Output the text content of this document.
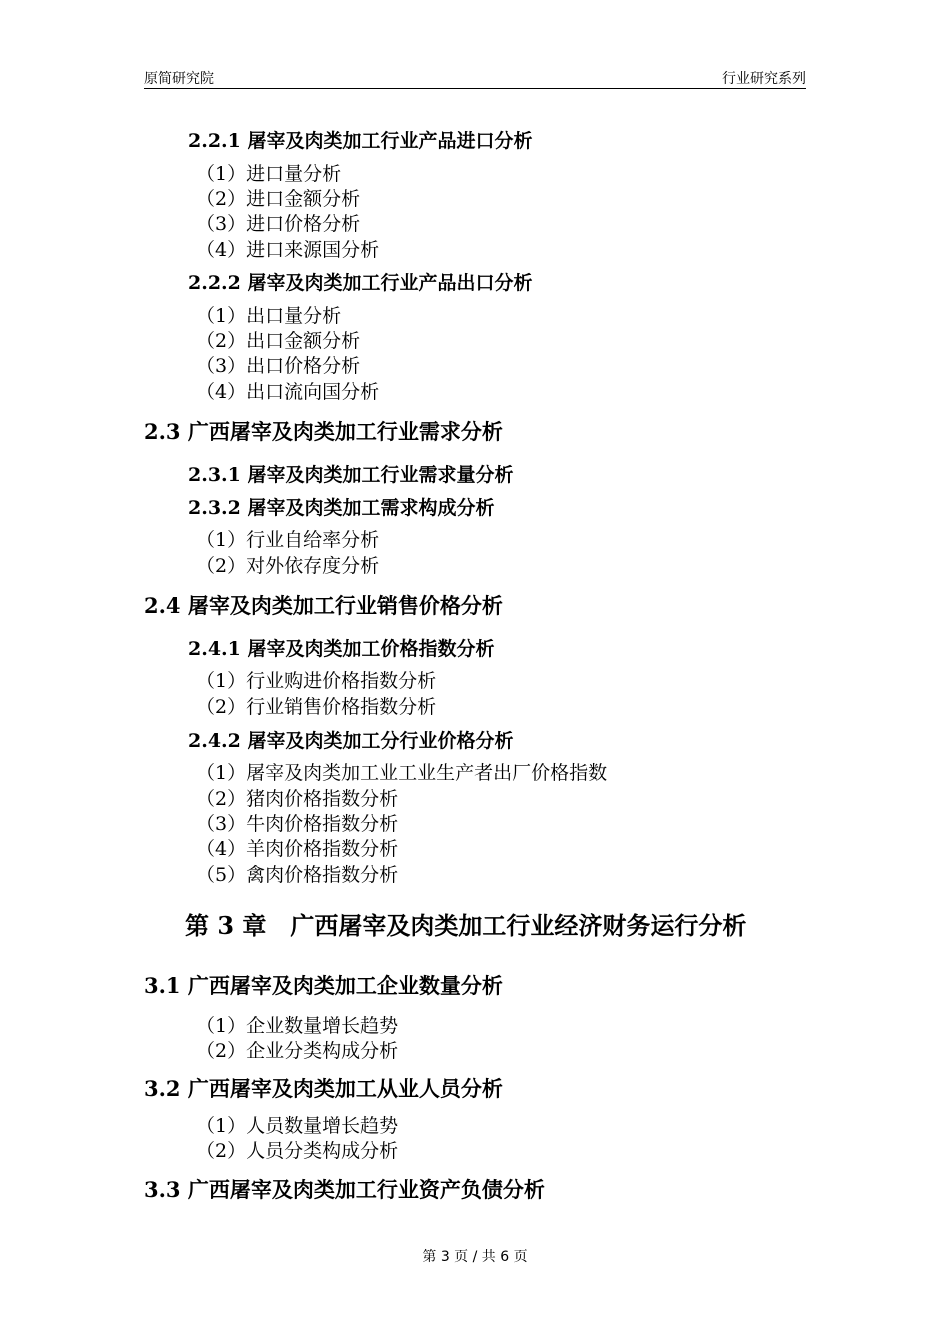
原简研究院	行业研究系列
2.2.1 屠宰及肉类加工行业产品进口分析
（1）进口量分析
（2）进口金额分析
（3）进口价格分析
（4）进口来源国分析
2.2.2 屠宰及肉类加工行业产品出口分析
（1）出口量分析
（2）出口金额分析
（3）出口价格分析
（4）出口流向国分析
2.3 广西屠宰及肉类加工行业需求分析
2.3.1 屠宰及肉类加工行业需求量分析
2.3.2 屠宰及肉类加工需求构成分析
（1）行业自给率分析
（2）对外依存度分析
2.4 屠宰及肉类加工行业销售价格分析
2.4.1 屠宰及肉类加工价格指数分析
（1）行业购进价格指数分析
（2）行业销售价格指数分析
2.4.2 屠宰及肉类加工分行业价格分析
（1）屠宰及肉类加工业工业生产者出厂价格指数
（2）猪肉价格指数分析
（3）牛肉价格指数分析
（4）羊肉价格指数分析
（5）禽肉价格指数分析
第 3 章　广西屠宰及肉类加工行业经济财务运行分析
3.1 广西屠宰及肉类加工企业数量分析
（1）企业数量增长趋势
（2）企业分类构成分析
3.2 广西屠宰及肉类加工从业人员分析
（1）人员数量增长趋势
（2）人员分类构成分析
3.3 广西屠宰及肉类加工行业资产负债分析
第 3 页 / 共 6 页
